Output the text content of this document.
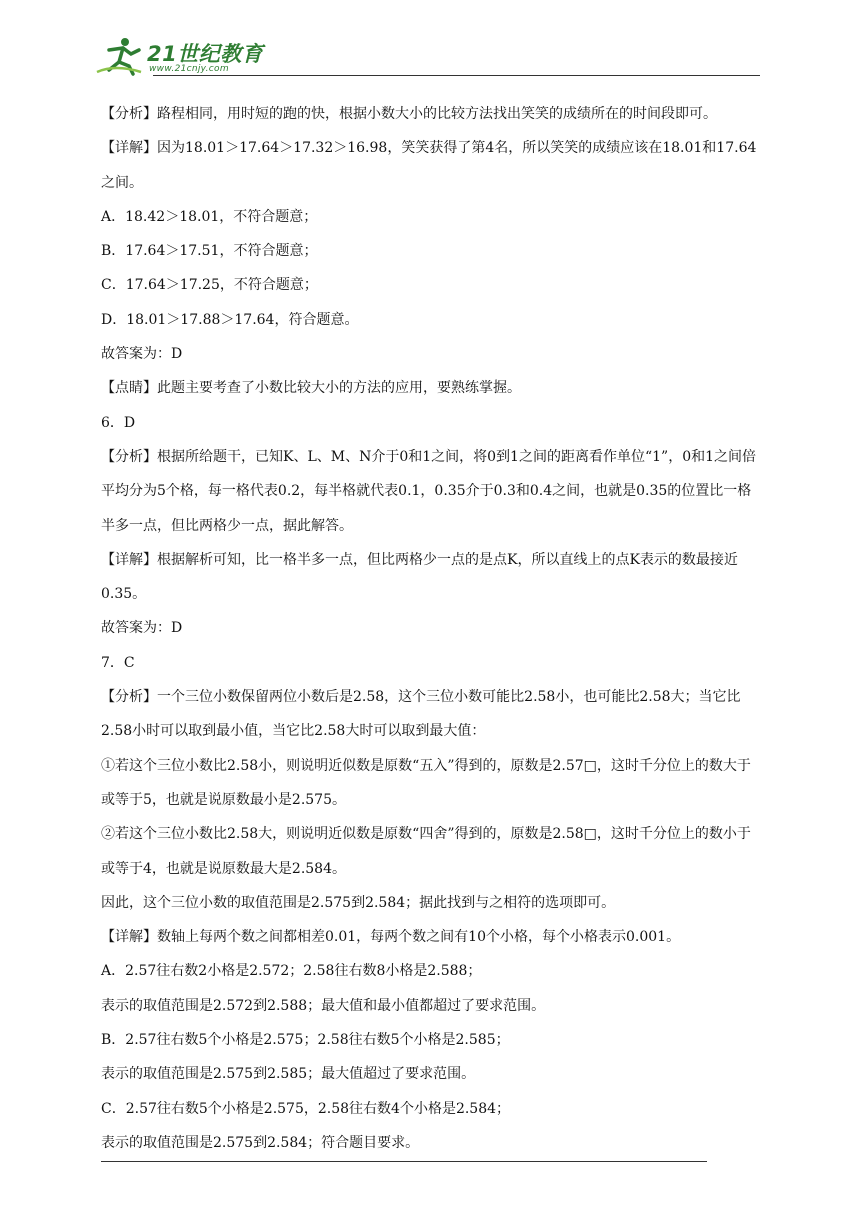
21世纪教育
www.21cnjy.com

【分析】路程相同，用时短的跑的快，根据小数大小的比较方法找出笑笑的成绩所在的时间段即可。

【详解】因为18.01＞17.64＞17.32＞16.98，笑笑获得了第4名，所以笑笑的成绩应该在18.01和17.64之间。

A．18.42＞18.01，不符合题意；

B．17.64＞17.51，不符合题意；

C．17.64＞17.25，不符合题意；

D．18.01＞17.88＞17.64，符合题意。

故答案为：D

【点睛】此题主要考查了小数比较大小的方法的应用，要熟练掌握。

6．D

【分析】根据所给题干，已知K、L、M、N介于0和1之间，将0到1之间的距离看作单位“1”，0和1之间倍平均分为5个格，每一格代表0.2，每半格就代表0.1，0.35介于0.3和0.4之间，也就是0.35的位置比一格半多一点，但比两格少一点，据此解答。

【详解】根据解析可知，比一格半多一点，但比两格少一点的是点K，所以直线上的点K表示的数最接近0.35。

故答案为：D

7．C

【分析】一个三位小数保留两位小数后是2.58，这个三位小数可能比2.58小，也可能比2.58大；当它比2.58小时可以取到最小值，当它比2.58大时可以取到最大值：

①若这个三位小数比2.58小，则说明近似数是原数“五入”得到的，原数是2.57□，这时千分位上的数大于或等于5，也就是说原数最小是2.575。

②若这个三位小数比2.58大，则说明近似数是原数“四舍”得到的，原数是2.58□，这时千分位上的数小于或等于4，也就是说原数最大是2.584。

因此，这个三位小数的取值范围是2.575到2.584；据此找到与之相符的选项即可。

【详解】数轴上每两个数之间都相差0.01，每两个数之间有10个小格，每个小格表示0.001。

A．2.57往右数2小格是2.572；2.58往右数8小格是2.588；

表示的取值范围是2.572到2.588；最大值和最小值都超过了要求范围。

B．2.57往右数5个小格是2.575；2.58往右数5个小格是2.585；

表示的取值范围是2.575到2.585；最大值超过了要求范围。

C．2.57往右数5个小格是2.575，2.58往右数4个小格是2.584；

表示的取值范围是2.575到2.584；符合题目要求。
